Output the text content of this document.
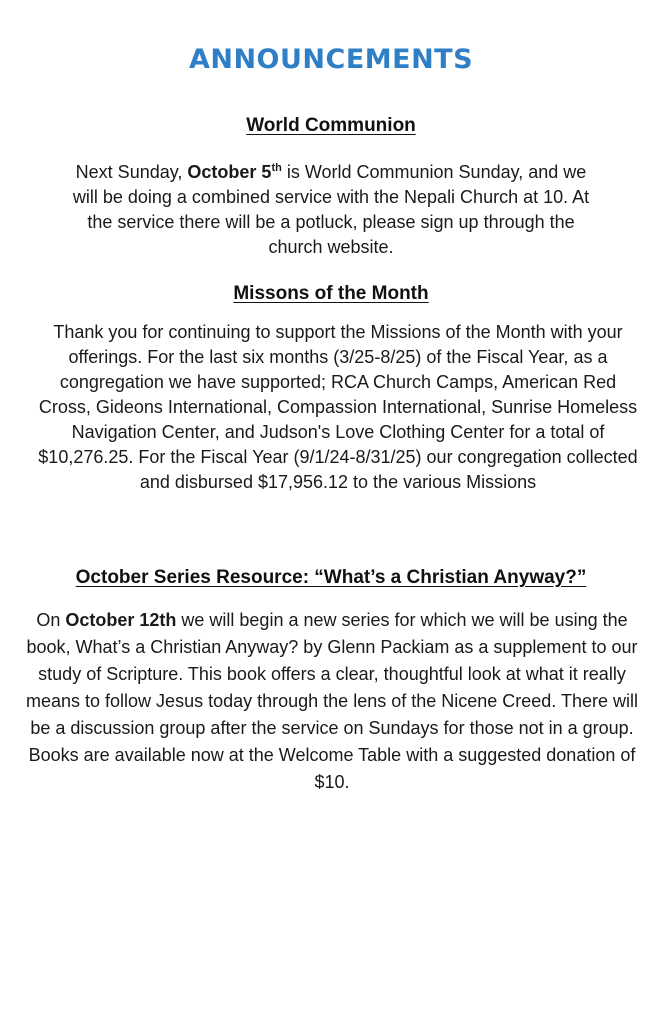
ANNOUNCEMENTS
World Communion

Next Sunday, October 5th is World Communion Sunday, and we will be doing a combined service with the Nepali Church at 10. At the service there will be a potluck, please sign up through the church website.

Missons of the Month

Thank you for continuing to support the Missions of the Month with your offerings. For the last six months (3/25-8/25) of the Fiscal Year, as a congregation we have supported; RCA Church Camps, American Red Cross, Gideons International, Compassion International, Sunrise Homeless Navigation Center, and Judson's Love Clothing Center for a total of $10,276.25. For the Fiscal Year (9/1/24-8/31/25) our congregation collected and disbursed $17,956.12 to the various Missions

October Series Resource: “What’s a Christian Anyway?”

On October 12th we will begin a new series for which we will be using the book, What’s a Christian Anyway? by Glenn Packiam as a supplement to our study of Scripture. This book offers a clear, thoughtful look at what it really means to follow Jesus today through the lens of the Nicene Creed. There will be a discussion group after the service on Sundays for those not in a group. Books are available now at the Welcome Table with a suggested donation of $10.
